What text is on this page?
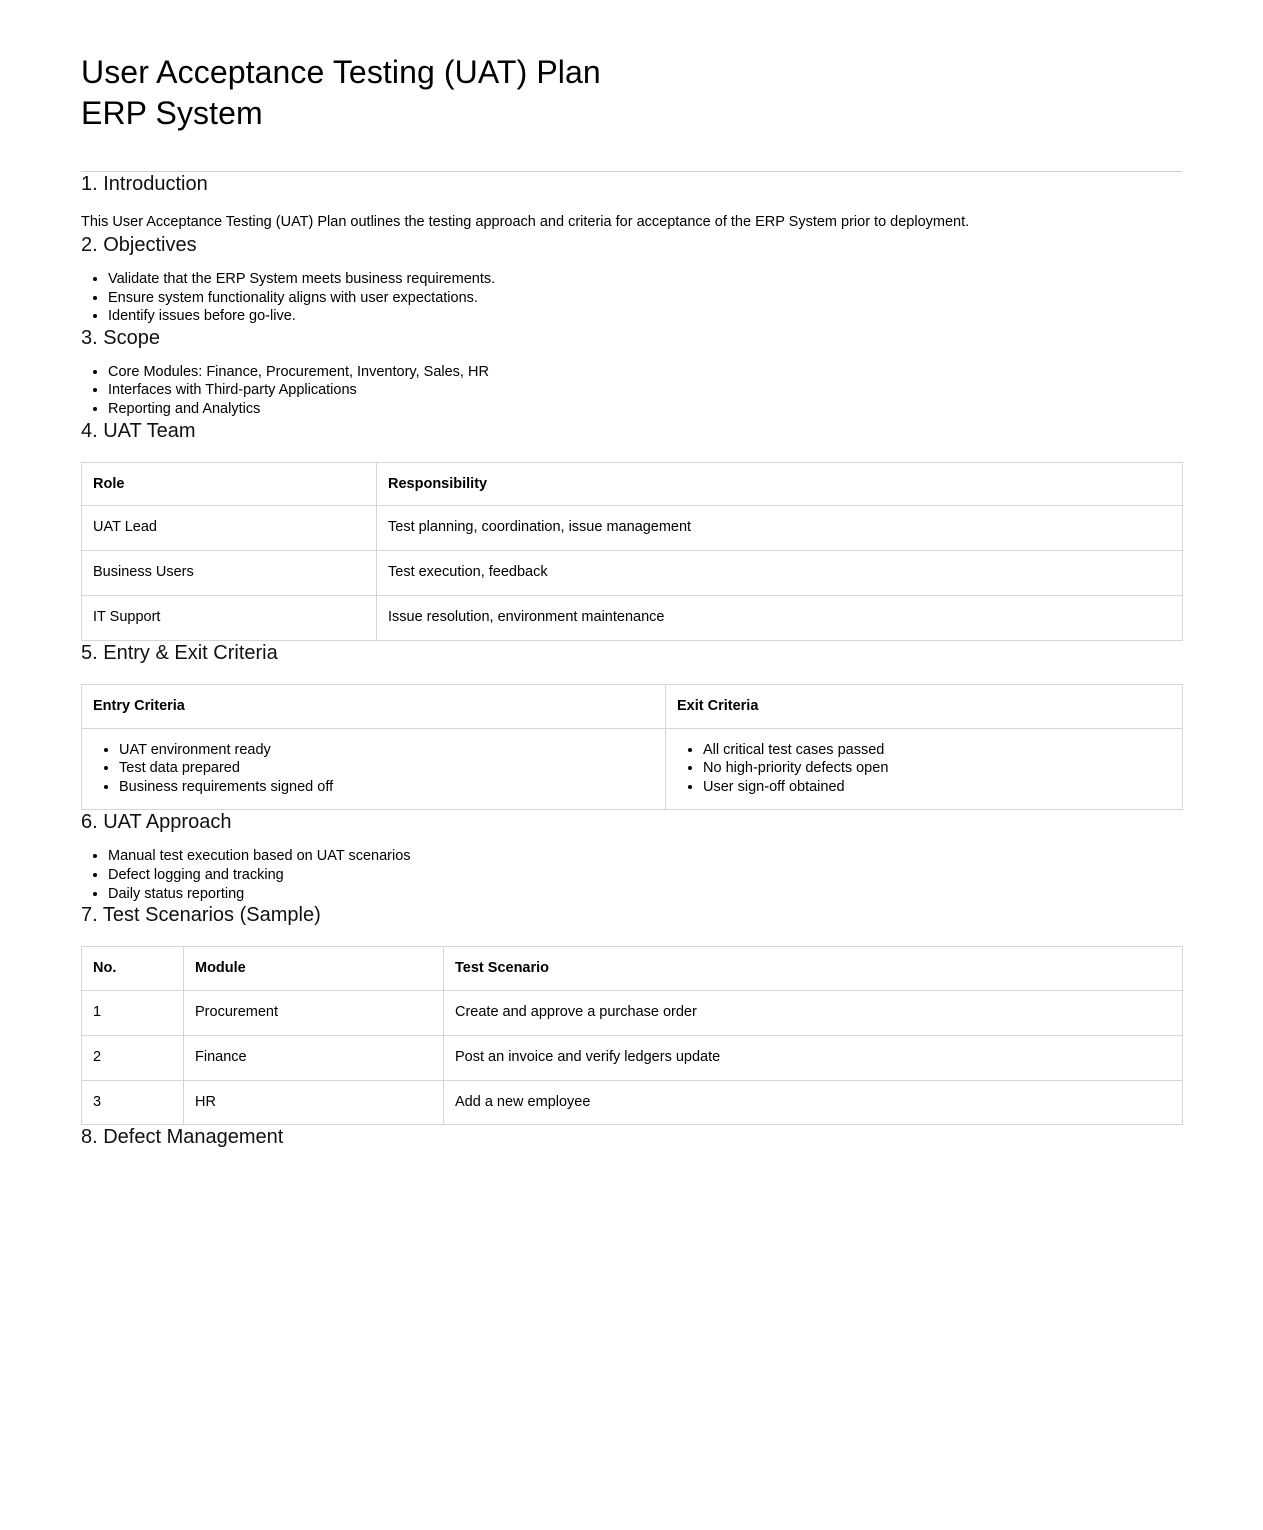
User Acceptance Testing (UAT) Plan
ERP System
1. Introduction

This User Acceptance Testing (UAT) Plan outlines the testing approach and criteria for acceptance of the ERP System prior to deployment.

2. Objectives
• Validate that the ERP System meets business requirements.
• Ensure system functionality aligns with user expectations.
• Identify issues before go-live.
3. Scope
• Core Modules: Finance, Procurement, Inventory, Sales, HR
• Interfaces with Third-party Applications
• Reporting and Analytics
4. UAT Team
Role	Responsibility
UAT Lead	Test planning, coordination, issue management
Business Users	Test execution, feedback
IT Support	Issue resolution, environment maintenance
5. Entry & Exit Criteria
Entry Criteria	Exit Criteria

• UAT environment ready
• Test data prepared
• Business requirements signed off

• All critical test cases passed
• No high-priority defects open
• User sign-off obtained
6. UAT Approach
• Manual test execution based on UAT scenarios
• Defect logging and tracking
• Daily status reporting
7. Test Scenarios (Sample)
No.	Module	Test Scenario
1	Procurement	Create and approve a purchase order
2	Finance	Post an invoice and verify ledgers update
3	HR	Add a new employee
8. Defect Management
